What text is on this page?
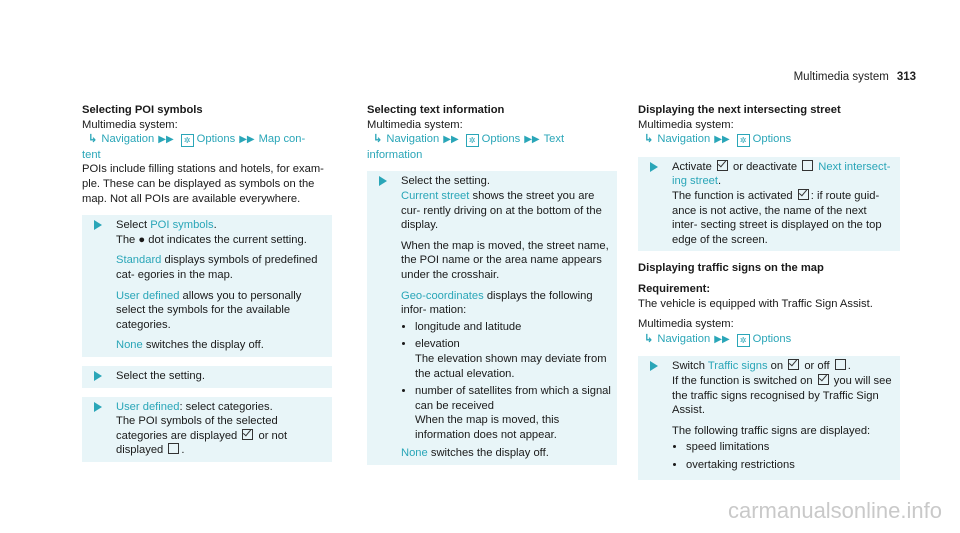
Multimedia system 313

Selecting POI symbols

Multimedia system:

↳ Navigation ▶▶ ✲ Options ▶▶ Map con-

tent

POIs include filling stations and hotels, for exam- ple. These can be displayed as symbols on the map. Not all POIs are available everywhere.

Select POI symbols.
The ● dot indicates the current setting.

Standard displays symbols of predefined cat- egories in the map.

User defined allows you to personally select the symbols for the available categories.

None switches the display off.

Select the setting.

User defined: select categories.
The POI symbols of the selected categories are displayed or not displayed .

Selecting text information

Multimedia system:

↳ Navigation ▶▶ ✲ Options ▶▶ Text

information

Select the setting.

Current street shows the street you are cur- rently driving on at the bottom of the display.

When the map is moved, the street name, the POI name or the area name appears under the crosshair.

Geo-coordinates displays the following infor- mation:

• longitude and latitude
• elevation
The elevation shown may deviate from the actual elevation.
• number of satellites from which a signal can be received
When the map is moved, this information does not appear.

None switches the display off.

Displaying the next intersecting street

Multimedia system:

↳ Navigation ▶▶ ✲ Options

Activate or deactivate Next intersect-
ing street.
The function is activated : if route guid- ance is not active, the name of the next inter- secting street is displayed on the top edge of the screen.

Displaying traffic signs on the map

Requirement:

The vehicle is equipped with Traffic Sign Assist.

Multimedia system:

↳ Navigation ▶▶ ✲ Options

Switch Traffic signs on or off .
If the function is switched on you will see the traffic signs recognised by Traffic Sign Assist.

The following traffic signs are displayed:

• speed limitations
• overtaking restrictions
carmanualsonline.info
